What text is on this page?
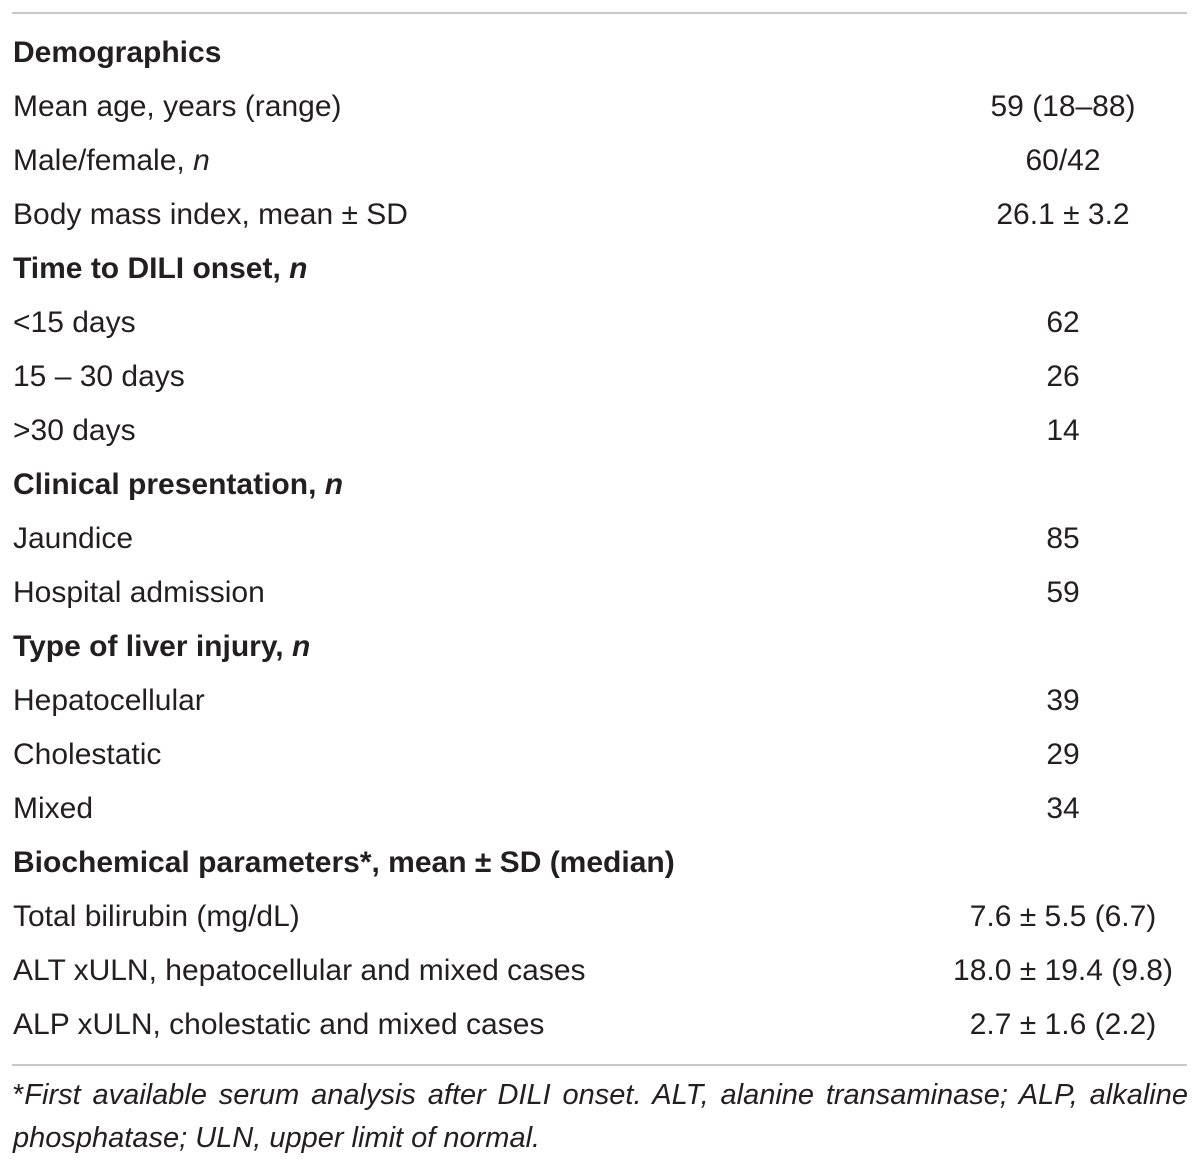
Demographics
Mean age, years (range)	59 (18–88)
Male/female, n	60/42
Body mass index, mean ± SD	26.1 ± 3.2
Time to DILI onset, n
<15 days	62
15 – 30 days	26
>30 days	14
Clinical presentation, n
Jaundice	85
Hospital admission	59
Type of liver injury, n
Hepatocellular	39
Cholestatic	29
Mixed	34
Biochemical parameters*, mean ± SD (median)
Total bilirubin (mg/dL)	7.6 ± 5.5 (6.7)
ALT xULN, hepatocellular and mixed cases	18.0 ± 19.4 (9.8)
ALP xULN, cholestatic and mixed cases	2.7 ± 1.6 (2.2)
*First available serum analysis after DILI onset. ALT, alanine transaminase; ALP, alkaline phosphatase; ULN, upper limit of normal.
